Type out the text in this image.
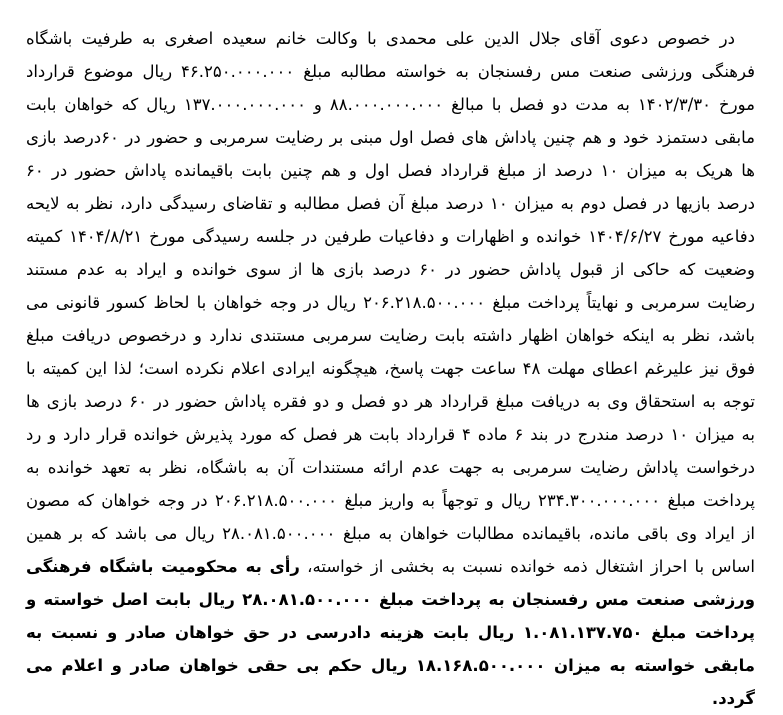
در خصوص دعوی آقای جلال الدین علی محمدی با وکالت خانم سعیده اصغری به طرفیت باشگاه فرهنگی ورزشی صنعت مس رفسنجان به خواسته مطالبه مبلغ ۴۶.۲۵۰.۰۰۰.۰۰۰ ریال موضوع قرارداد مورخ ۱۴۰۲/۳/۳۰ به مدت دو فصل با مبالغ ۸۸.۰۰۰.۰۰۰.۰۰۰ و ۱۳۷.۰۰۰.۰۰۰.۰۰۰ ریال که خواهان بابت مابقی دستمزد خود و هم چنین پاداش های فصل اول مبنی بر رضایت سرمربی و حضور در ۶۰درصد بازی ها هریک به میزان ۱۰ درصد از مبلغ قرارداد فصل اول و هم چنین بابت باقیمانده پاداش حضور در ۶۰ درصد بازیها در فصل دوم به میزان ۱۰ درصد مبلغ آن فصل مطالبه و تقاضای رسیدگی دارد، نظر به لایحه دفاعیه مورخ ۱۴۰۴/۶/۲۷ خوانده و اظهارات و دفاعیات طرفین در جلسه رسیدگی مورخ ۱۴۰۴/۸/۲۱ کمیته وضعیت که حاکی از قبول پاداش حضور در ۶۰ درصد بازی ها از سوی خوانده و ایراد به عدم مستند رضایت سرمربی و نهایتاً پرداخت مبلغ ۲۰۶.۲۱۸.۵۰۰.۰۰۰ ریال در وجه خواهان با لحاظ کسور قانونی می باشد، نظر به اینکه خواهان اظهار داشته بابت رضایت سرمربی مستندی ندارد و درخصوص دریافت مبلغ فوق نیز علیرغم اعطای مهلت ۴۸ ساعت جهت پاسخ، هیچگونه ایرادی اعلام نکرده است؛ لذا این کمیته با توجه به استحقاق وی به دریافت مبلغ قرارداد هر دو فصل و دو فقره پاداش حضور در ۶۰ درصد بازی ها به میزان ۱۰ درصد مندرج در بند ۶ ماده ۴ قرارداد بابت هر فصل که مورد پذیرش خوانده قرار دارد و رد درخواست پاداش رضایت سرمربی به جهت عدم ارائه مستندات آن به باشگاه، نظر به تعهد خوانده به پرداخت مبلغ ۲۳۴.۳۰۰.۰۰۰.۰۰۰ ریال و توجهاً به واریز مبلغ ۲۰۶.۲۱۸.۵۰۰.۰۰۰ در وجه خواهان که مصون از ایراد وی باقی مانده، باقیمانده مطالبات خواهان به مبلغ ۲۸.۰۸۱.۵۰۰.۰۰۰ ریال می باشد که بر همین اساس با احراز اشتغال ذمه خوانده نسبت به بخشی از خواسته، رأی به محکومیت باشگاه فرهنگی ورزشی صنعت مس رفسنجان به پرداخت مبلغ ۲۸.۰۸۱.۵۰۰.۰۰۰ ریال بابت اصل خواسته و پرداخت مبلغ ۱.۰۸۱.۱۳۷.۷۵۰ ریال بابت هزینه دادرسی در حق خواهان صادر و نسبت به مابقی خواسته به میزان ۱۸.۱۶۸.۵۰۰.۰۰۰ ریال حکم بی حقی خواهان صادر و اعلام می گردد.
